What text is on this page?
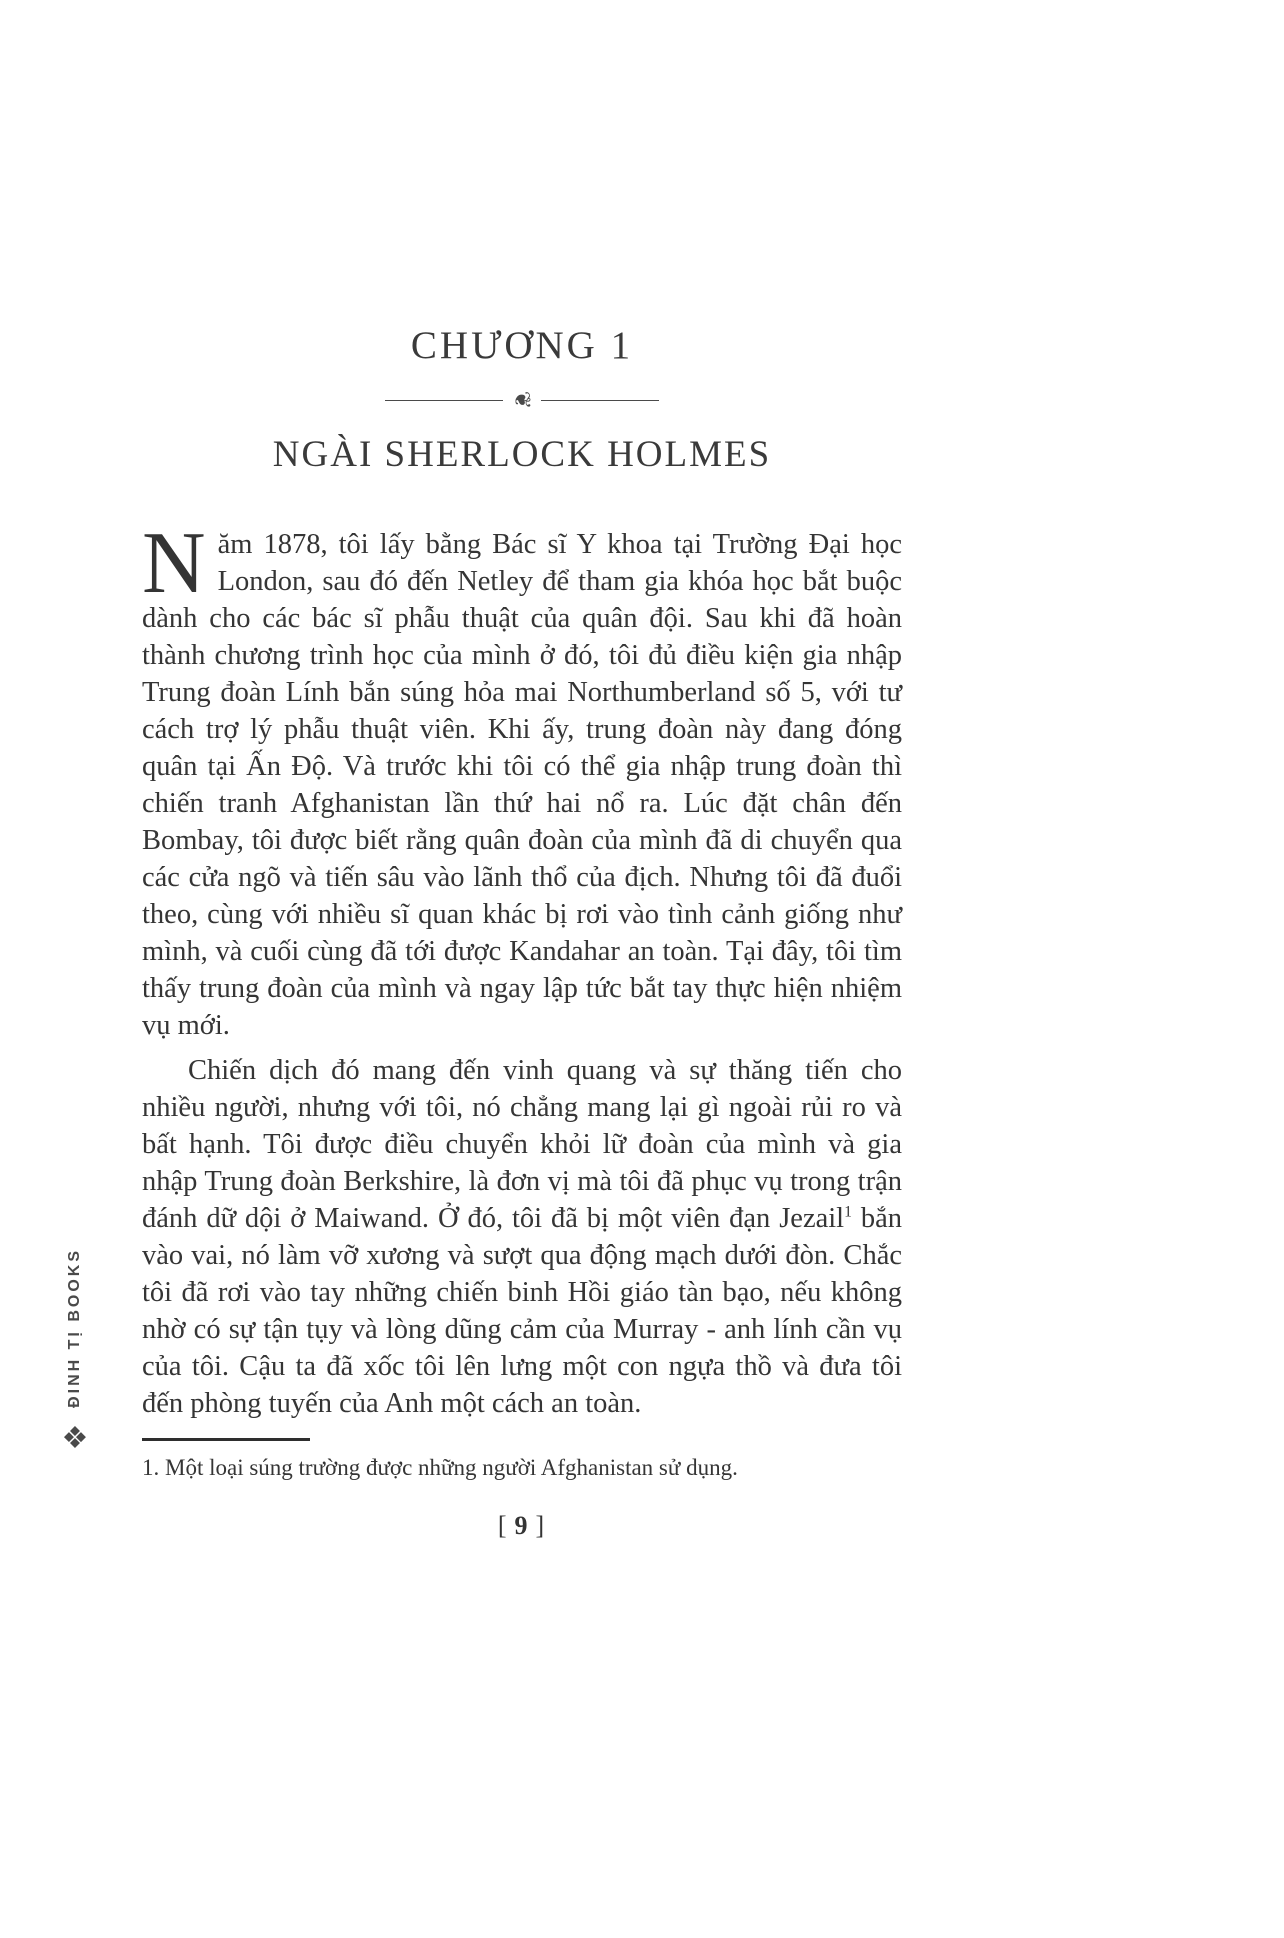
CHƯƠNG 1
❦
NGÀI SHERLOCK HOLMES

Năm 1878, tôi lấy bằng Bác sĩ Y khoa tại Trường Đại học London, sau đó đến Netley để tham gia khóa học bắt buộc dành cho các bác sĩ phẫu thuật của quân đội. Sau khi đã hoàn thành chương trình học của mình ở đó, tôi đủ điều kiện gia nhập Trung đoàn Lính bắn súng hỏa mai Northumberland số 5, với tư cách trợ lý phẫu thuật viên. Khi ấy, trung đoàn này đang đóng quân tại Ấn Độ. Và trước khi tôi có thể gia nhập trung đoàn thì chiến tranh Afghanistan lần thứ hai nổ ra. Lúc đặt chân đến Bombay, tôi được biết rằng quân đoàn của mình đã di chuyển qua các cửa ngõ và tiến sâu vào lãnh thổ của địch. Nhưng tôi đã đuổi theo, cùng với nhiều sĩ quan khác bị rơi vào tình cảnh giống như mình, và cuối cùng đã tới được Kandahar an toàn. Tại đây, tôi tìm thấy trung đoàn của mình và ngay lập tức bắt tay thực hiện nhiệm vụ mới.

Chiến dịch đó mang đến vinh quang và sự thăng tiến cho nhiều người, nhưng với tôi, nó chẳng mang lại gì ngoài rủi ro và bất hạnh. Tôi được điều chuyển khỏi lữ đoàn của mình và gia nhập Trung đoàn Berkshire, là đơn vị mà tôi đã phục vụ trong trận đánh dữ dội ở Maiwand. Ở đó, tôi đã bị một viên đạn Jezail$^1$ bắn vào vai, nó làm vỡ xương và sượt qua động mạch dưới đòn. Chắc tôi đã rơi vào tay những chiến binh Hồi giáo tàn bạo, nếu không nhờ có sự tận tụy và lòng dũng cảm của Murray - anh lính cần vụ của tôi. Cậu ta đã xốc tôi lên lưng một con ngựa thồ và đưa tôi đến phòng tuyến của Anh một cách an toàn.

1. Một loại súng trường được những người Afghanistan sử dụng.
[ 9 ]
ĐINH TỊ BOOKS
❖
